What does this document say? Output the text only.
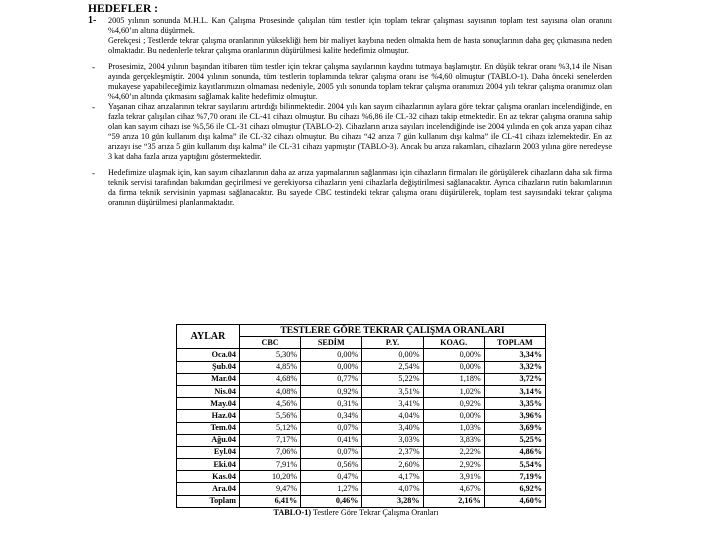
HEDEFLER :
1-	2005 yılının sonunda M.H.L. Kan Çalışma Prosesinde çalışılan tüm testler için toplam tekrar çalışması sayısının toplam test sayısına olan oranını %4,60’ın altına düşürmek.

Gerekçesi ; Testlerde tekrar çalışma oranlarının yüksekliği hem bir maliyet kaybına neden olmakta hem de hasta sonuçlarının daha geç çıkmasına neden olmaktadır. Bu nedenlerle tekrar çalışma oranlarının düşürülmesi kalite hedefimiz olmuştur.

-	Prosesimiz, 2004 yılının başından itibaren tüm testler için tekrar çalışma sayılarının kaydını tutmaya başlamıştır. En düşük tekrar oranı %3,14 ile Nisan ayında gerçekleşmiştir. 2004 yılının sonunda, tüm testlerin toplamında tekrar çalışma oranı ise %4,60 olmuştur (TABLO-1). Daha önceki senelerden mukayese yapabileceğimiz kayıtlarımızın olmaması nedeniyle, 2005 yılı sonunda toplam tekrar çalışma oranımızı 2004 yılı tekrar çalışma oranımız olan %4,60’ın altında çıkmasını sağlamak kalite hedefimiz olmuştur.

-	Yaşanan cihaz arızalarının tekrar sayılarını artırdığı bilinmektedir. 2004 yılı kan sayım cihazlarının aylara göre tekrar çalışma oranları incelendiğinde, en fazla tekrar çalışılan cihaz %7,70 oranı ile CL-41 cihazı olmuştur. Bu cihazı %6,86 ile CL-32 cihazı takip etmektedir. En az tekrar çalışma oranına sahip olan kan sayım cihazı ise %5,56 ile CL-31 cihazı olmuştur (TABLO-2). Cihazların arıza sayıları incelendiğinde ise 2004 yılında en çok arıza yapan cihaz “59 arıza 10 gün kullanım dışı kalma” ile CL-32 cihazı olmuştur. Bu cihazı “42 arıza 7 gün kullanım dışı kalma” ile CL-41 cihazı izlemektedir. En az arızayı ise “35 arıza 5 gün kullanım dışı kalma” ile CL-31 cihazı yapmıştır (TABLO-3). Ancak bu arıza rakamları, cihazların 2003 yılına göre neredeyse 3 kat daha fazla arıza yaptığını göstermektedir.

-	Hedefimize ulaşmak için, kan sayım cihazlarının daha az arıza yapmalarının sağlanması için cihazların firmaları ile görüşülerek cihazların daha sık firma teknik servisi tarafından bakımdan geçirilmesi ve gerekiyorsa cihazların yeni cihazlarla değiştirilmesi sağlanacaktır. Ayrıca cihazların rutin bakımlarının da firma teknik servisinin yapması sağlanacaktır. Bu sayede CBC testindeki tekrar çalışma oranı düşürülerek, toplam test sayısındaki tekrar çalışma oranının düşürülmesi planlanmaktadır.

AYLAR	TESTLERE GÖRE TEKRAR ÇALIŞMA ORANLARI				
	CBC	SEDİM	P.Y.	KOAG.	TOPLAM
Oca.04	5,30%	0,00%	0,00%	0,00%	3,34%
Şub.04	4,85%	0,00%	2,54%	0,00%	3,32%
Mar.04	4,68%	0,77%	5,22%	1,18%	3,72%
Nis.04	4,08%	0,92%	3,51%	1,02%	3,14%
May.04	4,56%	0,31%	3,41%	0,92%	3,35%
Haz.04	5,56%	0,34%	4,04%	0,00%	3,96%
Tem.04	5,12%	0,07%	3,40%	1,03%	3,69%
Ağu.04	7,17%	0,41%	3,03%	3,83%	5,25%
Eyl.04	7,06%	0,07%	2,37%	2,22%	4,86%
Eki.04	7,91%	0,56%	2,60%	2,92%	5,54%
Kas.04	10,20%	0,47%	4,17%	3,91%	7,19%
Ara.04	9,47%	1,27%	4,07%	4,67%	6,92%
Toplam	6,41%	0,46%	3,28%	2,16%	4,60%
TABLO-1) Testlere Göre Tekrar Çalışma Oranları
